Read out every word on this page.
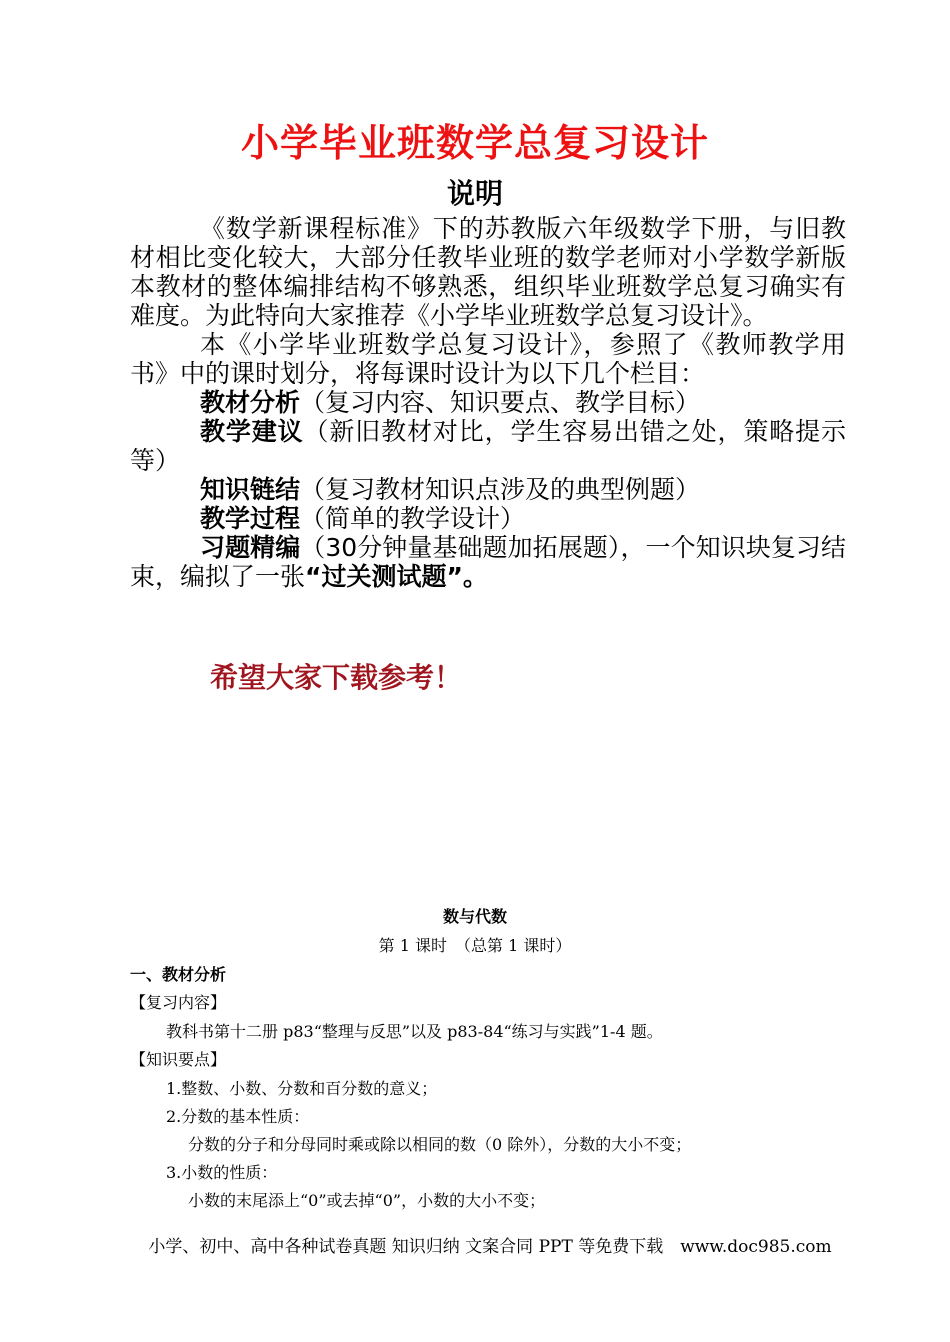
小学毕业班数学总复习设计
说明

《数学新课程标准》下的苏教版六年级数学下册，与旧教材相比变化较大，大部分任教毕业班的数学老师对小学数学新版本教材的整体编排结构不够熟悉，组织毕业班数学总复习确实有难度。为此特向大家推荐《小学毕业班数学总复习设计》。

本《小学毕业班数学总复习设计》，参照了《教师教学用书》中的课时划分，将每课时设计为以下几个栏目：

教材分析（复习内容、知识要点、教学目标）

教学建议（新旧教材对比，学生容易出错之处，策略提示等）

知识链结（复习教材知识点涉及的典型例题）

教学过程（简单的教学设计）

习题精编（30分钟量基础题加拓展题），一个知识块复习结束，编拟了一张“过关测试题”。

希望大家下载参考！
数与代数
第 1 课时　（总第 1 课时）
一、教材分析
【复习内容】
教科书第十二册 p83“整理与反思”以及 p83-84“练习与实践”1-4 题。
【知识要点】
1.整数、小数、分数和百分数的意义；
2.分数的基本性质：
分数的分子和分母同时乘或除以相同的数（0 除外），分数的大小不变；
3.小数的性质：
小数的末尾添上“0”或去掉“0”，小数的大小不变；
小学、初中、高中各种试卷真题 知识归纳 文案合同 PPT 等免费下载　www.doc985.com
